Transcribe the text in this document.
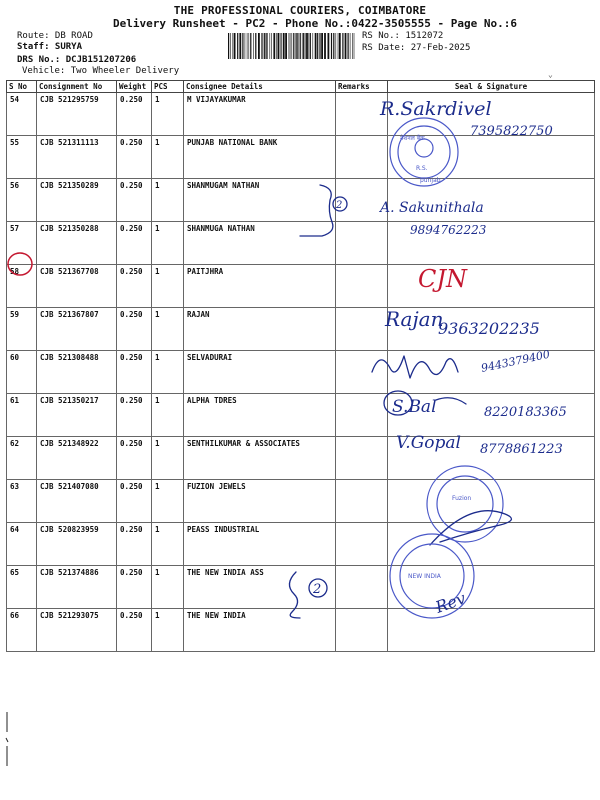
THE PROFESSIONAL COURIERS, COIMBATORE
Delivery Runsheet - PC2 - Phone No.:0422-3505555 - Page No.:6
Route: DB ROAD
Staff: SURYA
DRS No.: DCJB151207206
Vehicle: Two Wheeler Delivery
RS No.: 1512072
RS Date: 27-Feb-2025
⌄
S No	Consignment No	Weight	PCS	Consignee Details	Remarks	Seal & Signature
54	CJB 521295759	0.250	1	M VIJAYAKUMAR		
55	CJB 521311113	0.250	1	PUNJAB NATIONAL BANK		
56	CJB 521350289	0.250	1	SHANMUGAM NATHAN		
57	CJB 521350288	0.250	1	SHANMUGA NATHAN		
58	CJB 521367708	0.250	1	PAITJHRA		
59	CJB 521367807	0.250	1	RAJAN		
60	CJB 521308488	0.250	1	SELVADURAI		
61	CJB 521350217	0.250	1	ALPHA TDRES		
62	CJB 521348922	0.250	1	SENTHILKUMAR & ASSOCIATES		
63	CJB 521407080	0.250	1	FUZION JEWELS		
64	CJB 520823959	0.250	1	PEASS INDUSTRIAL		
65	CJB 521374886	0.250	1	THE NEW INDIA ASS		
66	CJB 521293075	0.250	1	THE NEW INDIA		
R.Sakrdivel
7395822750
नेशनल बैंक
R.S.
punjab
2	A. Sakunithala
9894762223
CJN
Rajan
9363202235
9443379400
S.Bal	8220183365
V.Gopal 8778861223
Fuzion
NEW INDIA
Rev
2
